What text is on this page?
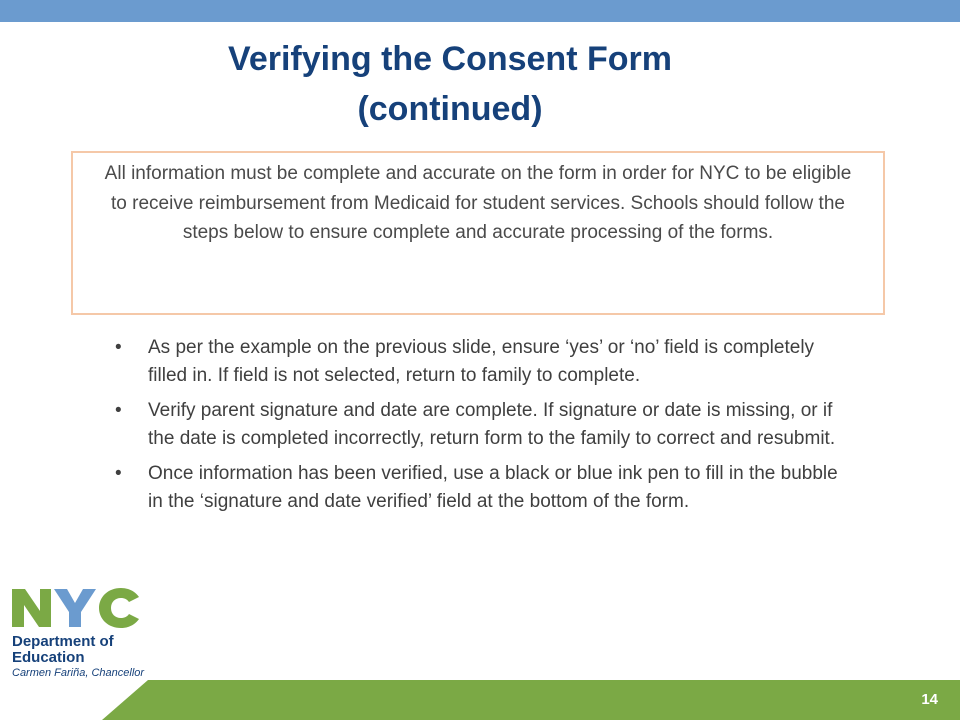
Verifying the Consent Form
(continued)
All information must be complete and accurate on the form in order for NYC to be eligible to receive reimbursement from Medicaid for student services. Schools should follow the steps below to ensure complete and accurate processing of the forms.
•	As per the example on the previous slide, ensure ‘yes’ or ‘no’ field is completely filled in. If field is not selected, return to family to complete.
•	Verify parent signature and date are complete. If signature or date is missing, or if the date is completed incorrectly, return form to the family to correct and resubmit.
•	Once information has been verified, use a black or blue ink pen to fill in the bubble in the ‘signature and date verified’ field at the bottom of the form.
Department of
Education
Carmen Fariña, Chancellor
14
